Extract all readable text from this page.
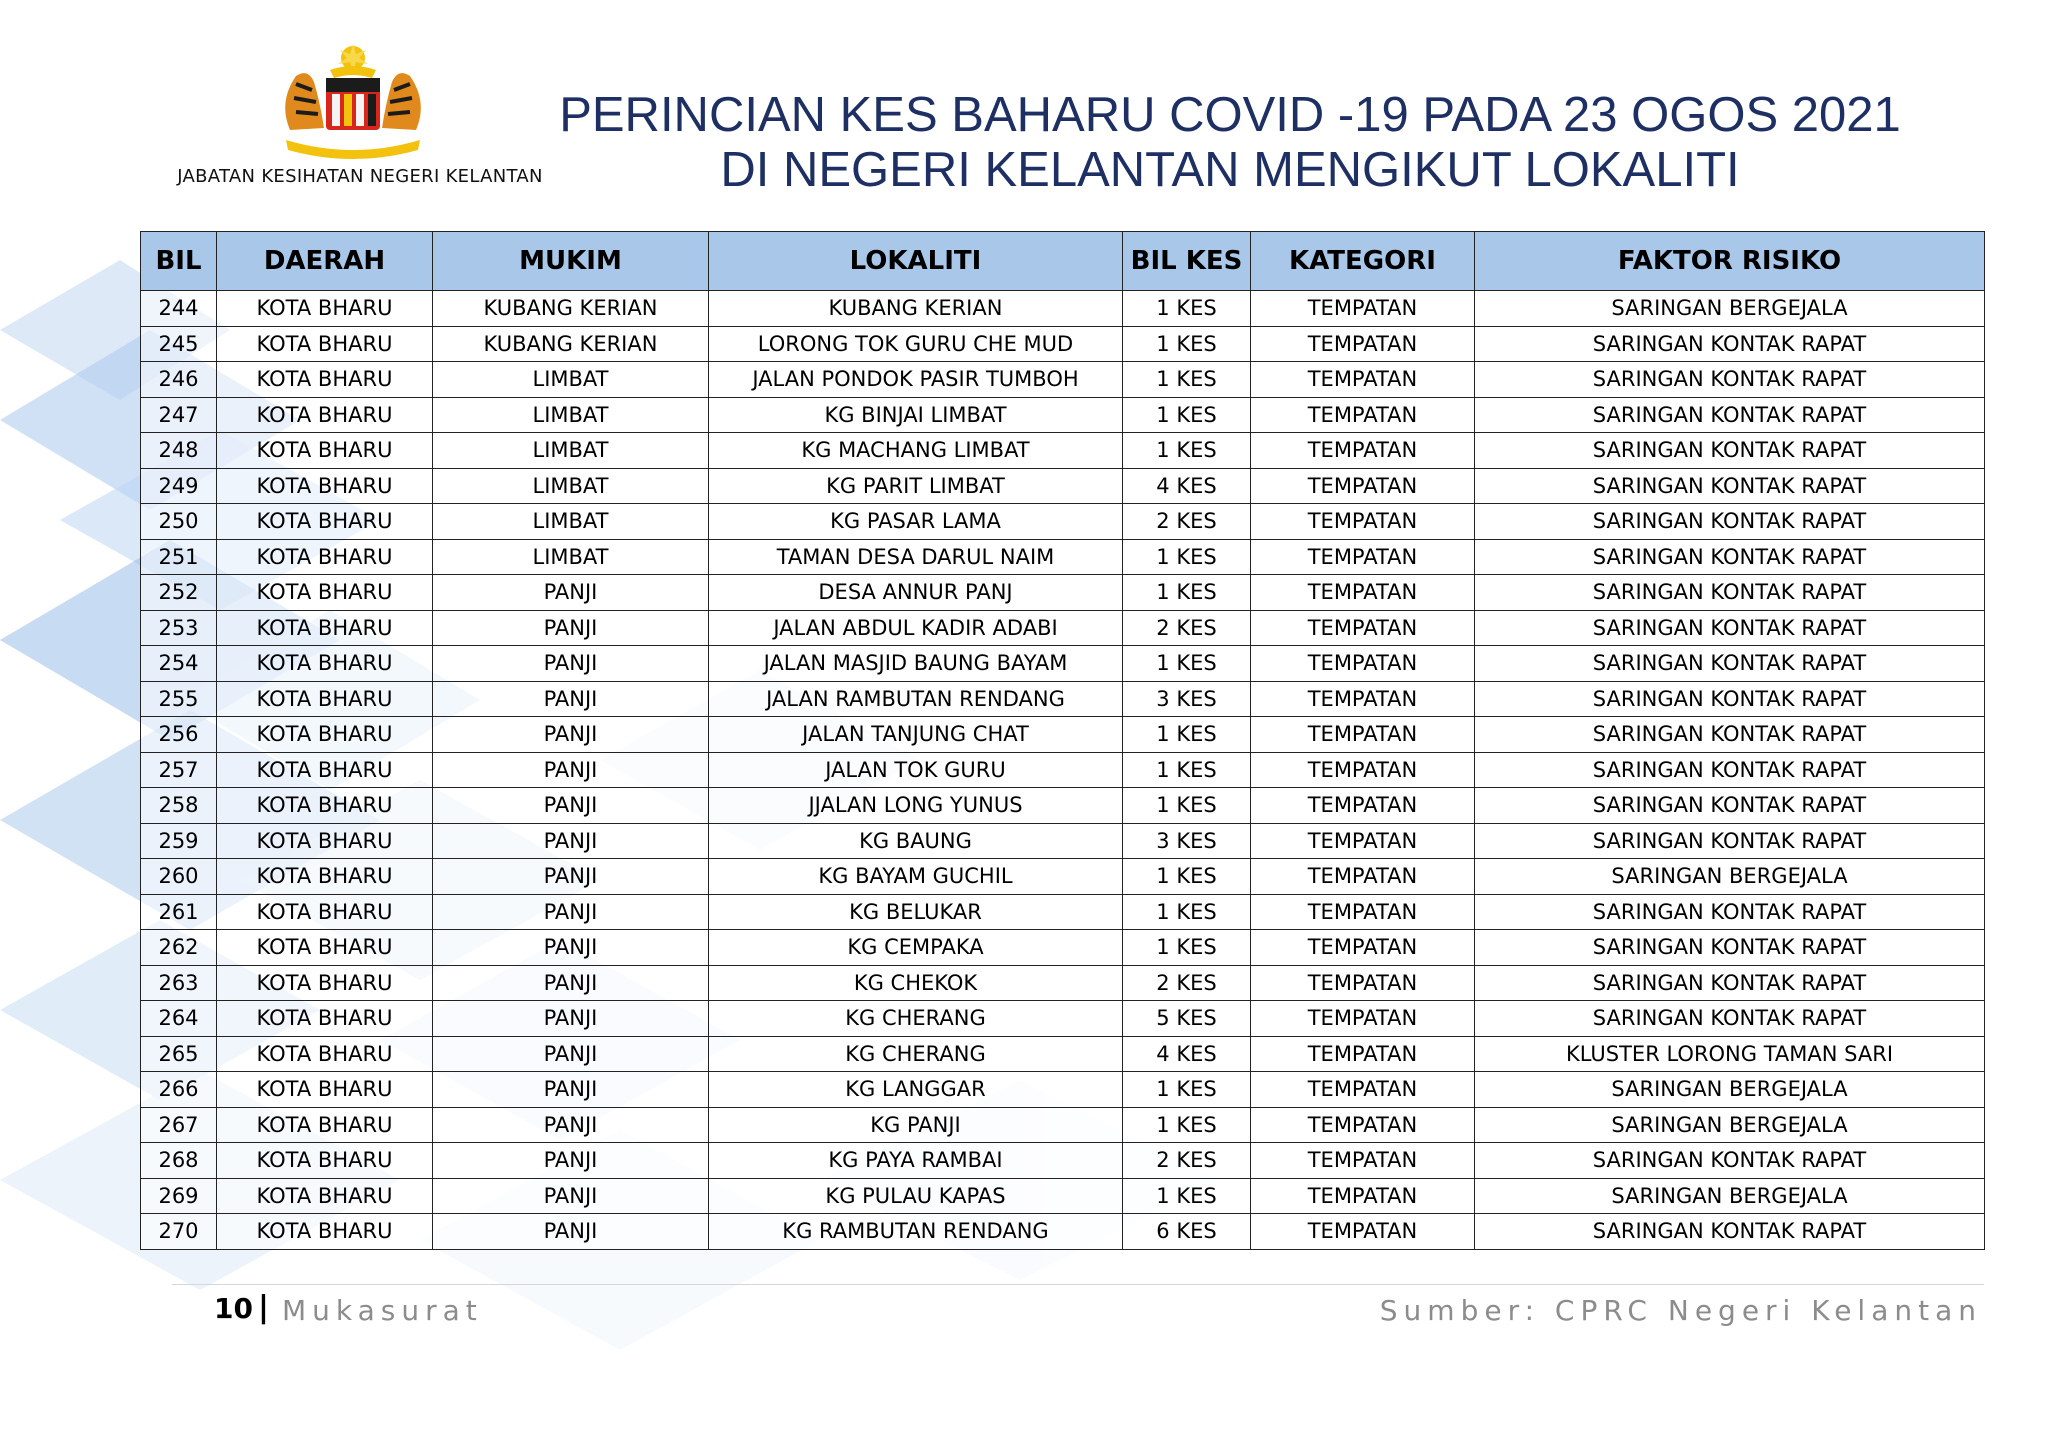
JABATAN KESIHATAN NEGERI KELANTAN
PERINCIAN KES BAHARU COVID -19 PADA 23 OGOS 2021
DI NEGERI KELANTAN MENGIKUT LOKALITI
BIL	DAERAH	MUKIM	LOKALITI	BIL KES	KATEGORI	FAKTOR RISIKO
244	KOTA BHARU	KUBANG KERIAN	KUBANG KERIAN	1 KES	TEMPATAN	SARINGAN BERGEJALA
245	KOTA BHARU	KUBANG KERIAN	LORONG TOK GURU CHE MUD	1 KES	TEMPATAN	SARINGAN KONTAK RAPAT
246	KOTA BHARU	LIMBAT	JALAN PONDOK PASIR TUMBOH	1 KES	TEMPATAN	SARINGAN KONTAK RAPAT
247	KOTA BHARU	LIMBAT	KG BINJAI LIMBAT	1 KES	TEMPATAN	SARINGAN KONTAK RAPAT
248	KOTA BHARU	LIMBAT	KG MACHANG LIMBAT	1 KES	TEMPATAN	SARINGAN KONTAK RAPAT
249	KOTA BHARU	LIMBAT	KG PARIT LIMBAT	4 KES	TEMPATAN	SARINGAN KONTAK RAPAT
250	KOTA BHARU	LIMBAT	KG PASAR LAMA	2 KES	TEMPATAN	SARINGAN KONTAK RAPAT
251	KOTA BHARU	LIMBAT	TAMAN DESA DARUL NAIM	1 KES	TEMPATAN	SARINGAN KONTAK RAPAT
252	KOTA BHARU	PANJI	DESA ANNUR PANJ	1 KES	TEMPATAN	SARINGAN KONTAK RAPAT
253	KOTA BHARU	PANJI	JALAN ABDUL KADIR ADABI	2 KES	TEMPATAN	SARINGAN KONTAK RAPAT
254	KOTA BHARU	PANJI	JALAN MASJID BAUNG BAYAM	1 KES	TEMPATAN	SARINGAN KONTAK RAPAT
255	KOTA BHARU	PANJI	JALAN RAMBUTAN RENDANG	3 KES	TEMPATAN	SARINGAN KONTAK RAPAT
256	KOTA BHARU	PANJI	JALAN TANJUNG CHAT	1 KES	TEMPATAN	SARINGAN KONTAK RAPAT
257	KOTA BHARU	PANJI	JALAN TOK GURU	1 KES	TEMPATAN	SARINGAN KONTAK RAPAT
258	KOTA BHARU	PANJI	JJALAN LONG YUNUS	1 KES	TEMPATAN	SARINGAN KONTAK RAPAT
259	KOTA BHARU	PANJI	KG BAUNG	3 KES	TEMPATAN	SARINGAN KONTAK RAPAT
260	KOTA BHARU	PANJI	KG BAYAM GUCHIL	1 KES	TEMPATAN	SARINGAN BERGEJALA
261	KOTA BHARU	PANJI	KG BELUKAR	1 KES	TEMPATAN	SARINGAN KONTAK RAPAT
262	KOTA BHARU	PANJI	KG CEMPAKA	1 KES	TEMPATAN	SARINGAN KONTAK RAPAT
263	KOTA BHARU	PANJI	KG CHEKOK	2 KES	TEMPATAN	SARINGAN KONTAK RAPAT
264	KOTA BHARU	PANJI	KG CHERANG	5 KES	TEMPATAN	SARINGAN KONTAK RAPAT
265	KOTA BHARU	PANJI	KG CHERANG	4 KES	TEMPATAN	KLUSTER LORONG TAMAN SARI
266	KOTA BHARU	PANJI	KG LANGGAR	1 KES	TEMPATAN	SARINGAN BERGEJALA
267	KOTA BHARU	PANJI	KG PANJI	1 KES	TEMPATAN	SARINGAN BERGEJALA
268	KOTA BHARU	PANJI	KG PAYA RAMBAI	2 KES	TEMPATAN	SARINGAN KONTAK RAPAT
269	KOTA BHARU	PANJI	KG PULAU KAPAS	1 KES	TEMPATAN	SARINGAN BERGEJALA
270	KOTA BHARU	PANJI	KG RAMBUTAN RENDANG	6 KES	TEMPATAN	SARINGAN KONTAK RAPAT
10 | Mukasurat	Sumber: CPRC Negeri Kelantan
